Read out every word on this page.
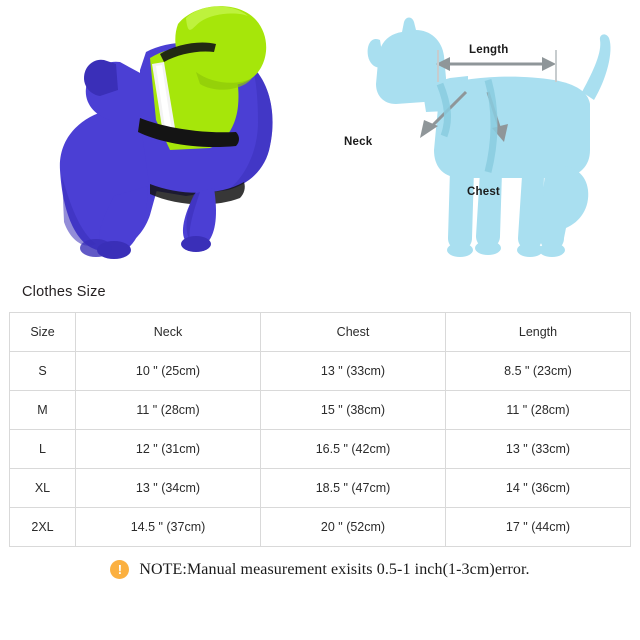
Length
Neck
Chest
Clothes Size
Size	Neck	Chest	Length
S	10 " (25cm)	13 " (33cm)	8.5 " (23cm)
M	11 " (28cm)	15 " (38cm)	11 " (28cm)
L	12 " (31cm)	16.5 " (42cm)	13 " (33cm)
XL	13 " (34cm)	18.5 " (47cm)	14 " (36cm)
2XL	14.5 " (37cm)	20 " (52cm)	17 " (44cm)
!	NOTE:Manual measurement exisits 0.5-1 inch(1-3cm)error.
